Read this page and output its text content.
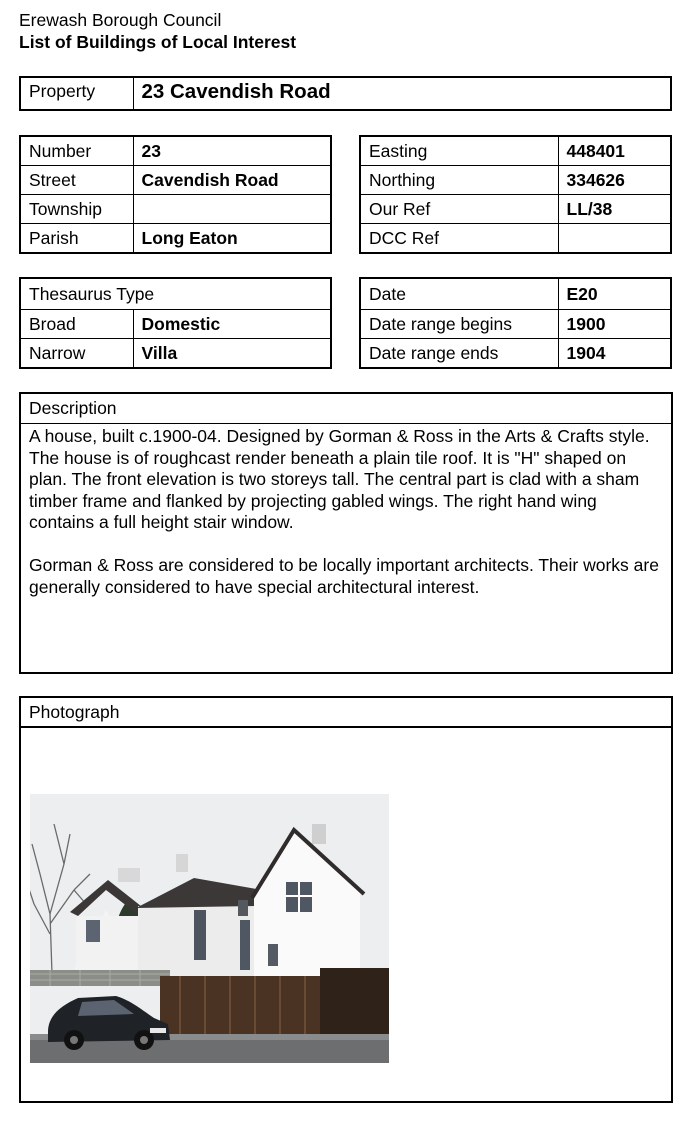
Erewash Borough Council
List of Buildings of Local Interest
Property	23 Cavendish Road
Number	23
Street	Cavendish Road
Township	
Parish	Long Eaton
Easting	448401
Northing	334626
Our Ref	LL/38
DCC Ref	
Thesaurus Type	
Broad	Domestic
Narrow	Villa
Date	E20
Date range begins	1900
Date range ends	1904
Description

A house, built c.1900-04. Designed by Gorman & Ross in the Arts & Crafts style. The house is of roughcast render beneath a plain tile roof. It is "H" shaped on plan. The front elevation is two storeys tall. The central part is clad with a sham timber frame and flanked by projecting gabled wings. The right hand wing contains a full height stair window.

Gorman & Ross are considered to be locally important architects. Their works are generally considered to have special architectural interest.

Photograph
